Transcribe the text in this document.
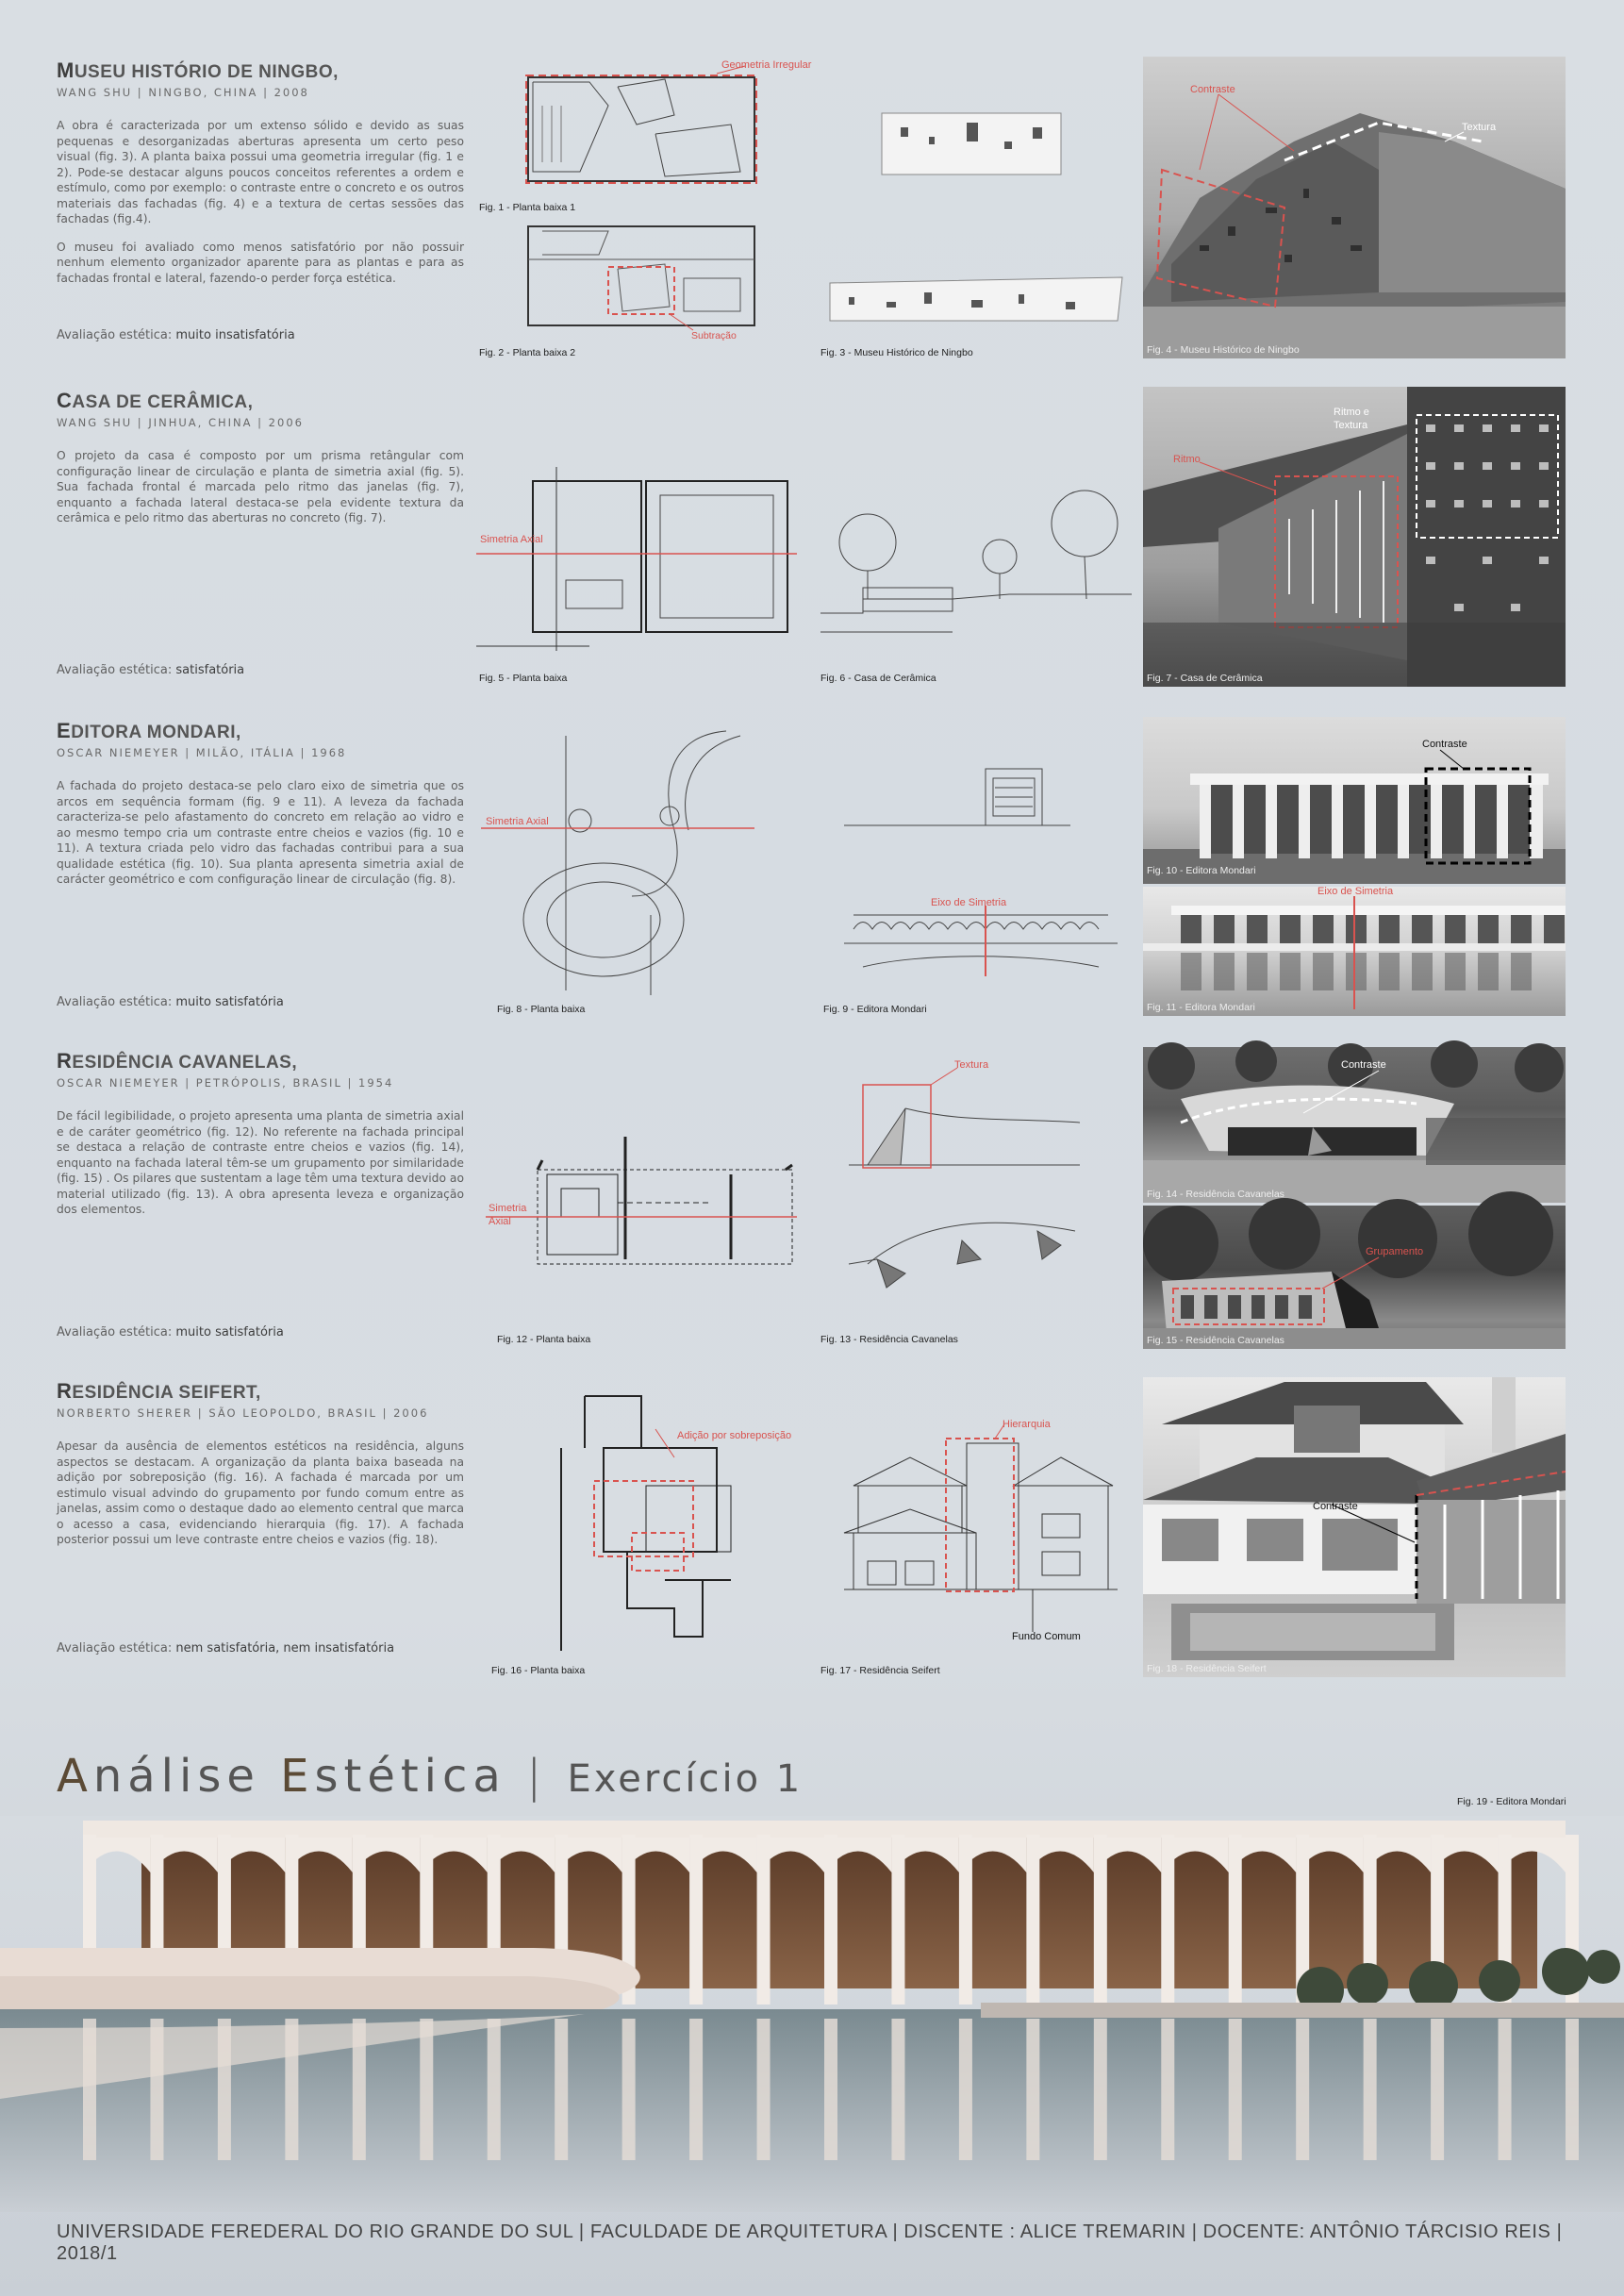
MUSEU HISTÓRIO DE NINGBO,
WANG SHU | NINGBO, CHINA | 2008

A obra é caracterizada por um extenso sólido e devido as suas pequenas e desorganizadas aberturas apresenta um certo peso visual (fig. 3). A planta baixa possui uma geometria irregular (fig. 1 e 2). Pode-se destacar alguns poucos conceitos referentes a ordem e estímulo, como por exemplo: o contraste entre o concreto e os outros materiais das fachadas (fig. 4) e a textura de certas sessões das fachadas (fig.4).

O museu foi avaliado como menos satisfatório por não possuir nenhum elemento organizador aparente para as plantas e para as fachadas frontal e lateral, fazendo-o perder força estética.

Avaliação estética: muito insatisfatória
Geometria Irregular
Fig. 1 - Planta baixa 1
Subtração
Fig. 2 - Planta baixa 2	Fig. 3 - Museu Histórico de Ningbo
Contraste
Textura
Fig. 4 - Museu Histórico de Ningbo
CASA DE CERÂMICA,
WANG SHU | JINHUA, CHINA | 2006

O projeto da casa é composto por um prisma retângular com configuração linear de circulação e planta de simetria axial (fig. 5). Sua fachada frontal é marcada pelo ritmo das janelas (fig. 7), enquanto a fachada lateral destaca-se pela evidente textura da cerâmica e pelo ritmo das aberturas no concreto (fig. 7).

Avaliação estética: satisfatória
Simetria Axial
Fig. 5 - Planta baixa	Fig. 6 - Casa de Cerâmica
Ritmo
Ritmo e
Textura
Fig. 7 - Casa de Cerâmica
EDITORA MONDARI,
OSCAR NIEMEYER | MILÃO, ITÁLIA | 1968

A fachada do projeto destaca-se pelo claro eixo de simetria que os arcos em sequência formam (fig. 9 e 11). A leveza da fachada caracteriza-se pelo afastamento do concreto em relação ao vidro e ao mesmo tempo cria um contraste entre cheios e vazios (fig. 10 e 11). A textura criada pelo vidro das fachadas contribui para a sua qualidade estética (fig. 10). Sua planta apresenta simetria axial de carácter geométrico e com configuração linear de circulação (fig. 8).

Avaliação estética: muito satisfatória
Simetria Axial
Fig. 8 - Planta baixa
Eixo de Simetria
Fig. 9 - Editora Mondari
Contraste
Fig. 10 - Editora Mondari
Eixo de Simetria
Fig. 11 - Editora Mondari
RESIDÊNCIA CAVANELAS,
OSCAR NIEMEYER | PETRÓPOLIS, BRASIL | 1954

De fácil legibilidade, o projeto apresenta uma planta de simetria axial e de caráter geométrico (fig. 12). No referente na fachada principal se destaca a relação de contraste entre cheios e vazios (fig. 14), enquanto na fachada lateral têm-se um grupamento por similaridade (fig. 15) . Os pilares que sustentam a lage têm uma textura devido ao material utilizado (fig. 13). A obra apresenta leveza e organização dos elementos.

Avaliação estética: muito satisfatória
Simetria
Axial
Fig. 12 - Planta baixa
Textura
Fig. 13 - Residência Cavanelas
Contraste
Fig. 14 - Residência Cavanelas
Grupamento
Fig. 15 - Residência Cavanelas
RESIDÊNCIA SEIFERT,
NORBERTO SHERER | SÃO LEOPOLDO, BRASIL | 2006

Apesar da ausência de elementos estéticos na residência, alguns aspectos se destacam. A organização da planta baixa baseada na adição por sobreposição (fig. 16). A fachada é marcada por um estimulo visual advindo do grupamento por fundo comum entre as janelas, assim como o destaque dado ao elemento central que marca o acesso a casa, evidenciando hierarquia (fig. 17). A fachada posterior possui um leve contraste entre cheios e vazios (fig. 18).

Avaliação estética: nem satisfatória, nem insatisfatória
Adição por sobreposição
Fig. 16 - Planta baixa
Hierarquia
Fundo Comum
Fig. 17 - Residência Seifert
Contraste
Fig. 18 - Residência Seifert
Análise Estética | Exercício 1
Fig. 19 - Editora Mondari
UNIVERSIDADE FEREDERAL DO RIO GRANDE DO SUL | FACULDADE DE ARQUITETURA | DISCENTE : ALICE TREMARIN | DOCENTE: ANTÔNIO TÁRCISIO REIS | 2018/1
